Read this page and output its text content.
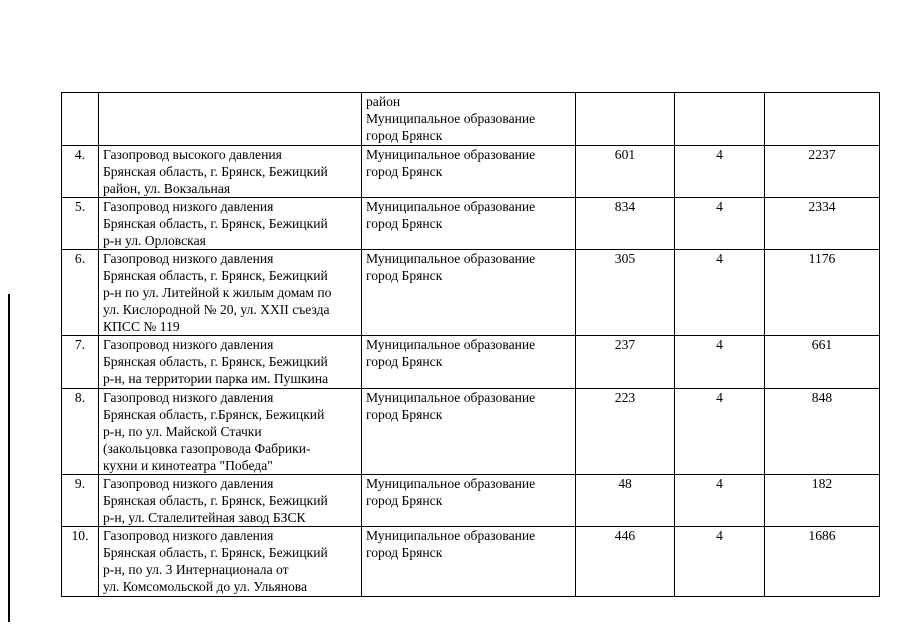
		район
Муниципальное образование
город Брянск			

4.	Газопровод высокого давления
Брянская область, г. Брянск, Бежицкий
район, ул. Вокзальная	Муниципальное образование
город Брянск	601	4	2237
5.	Газопровод низкого давления
Брянская область, г. Брянск, Бежицкий
р-н ул. Орловская	Муниципальное образование
город Брянск	834	4	2334
6.	Газопровод низкого давления
Брянская область, г. Брянск, Бежицкий
р-н по ул. Литейной к жилым домам по
ул. Кислородной № 20, ул. XXII съезда
КПСС № 119	Муниципальное образование
город Брянск	305	4	1176
7.	Газопровод низкого давления
Брянская область, г. Брянск, Бежицкий
р-н, на территории парка им. Пушкина	Муниципальное образование
город Брянск	237	4	661
8.	Газопровод низкого давления
Брянская область, г.Брянск, Бежицкий
р-н, по ул. Майской Стачки
(закольцовка газопровода Фабрики-
кухни и кинотеатра "Победа"	Муниципальное образование
город Брянск	223	4	848
9.	Газопровод низкого давления
Брянская область, г. Брянск, Бежицкий
р-н, ул. Сталелитейная завод БЗСК	Муниципальное образование
город Брянск	48	4	182
10.	Газопровод низкого давления
Брянская область, г. Брянск, Бежицкий
р-н, по ул. 3 Интернационала от
ул. Комсомольской до ул. Ульянова	Муниципальное образование
город Брянск	446	4	1686
